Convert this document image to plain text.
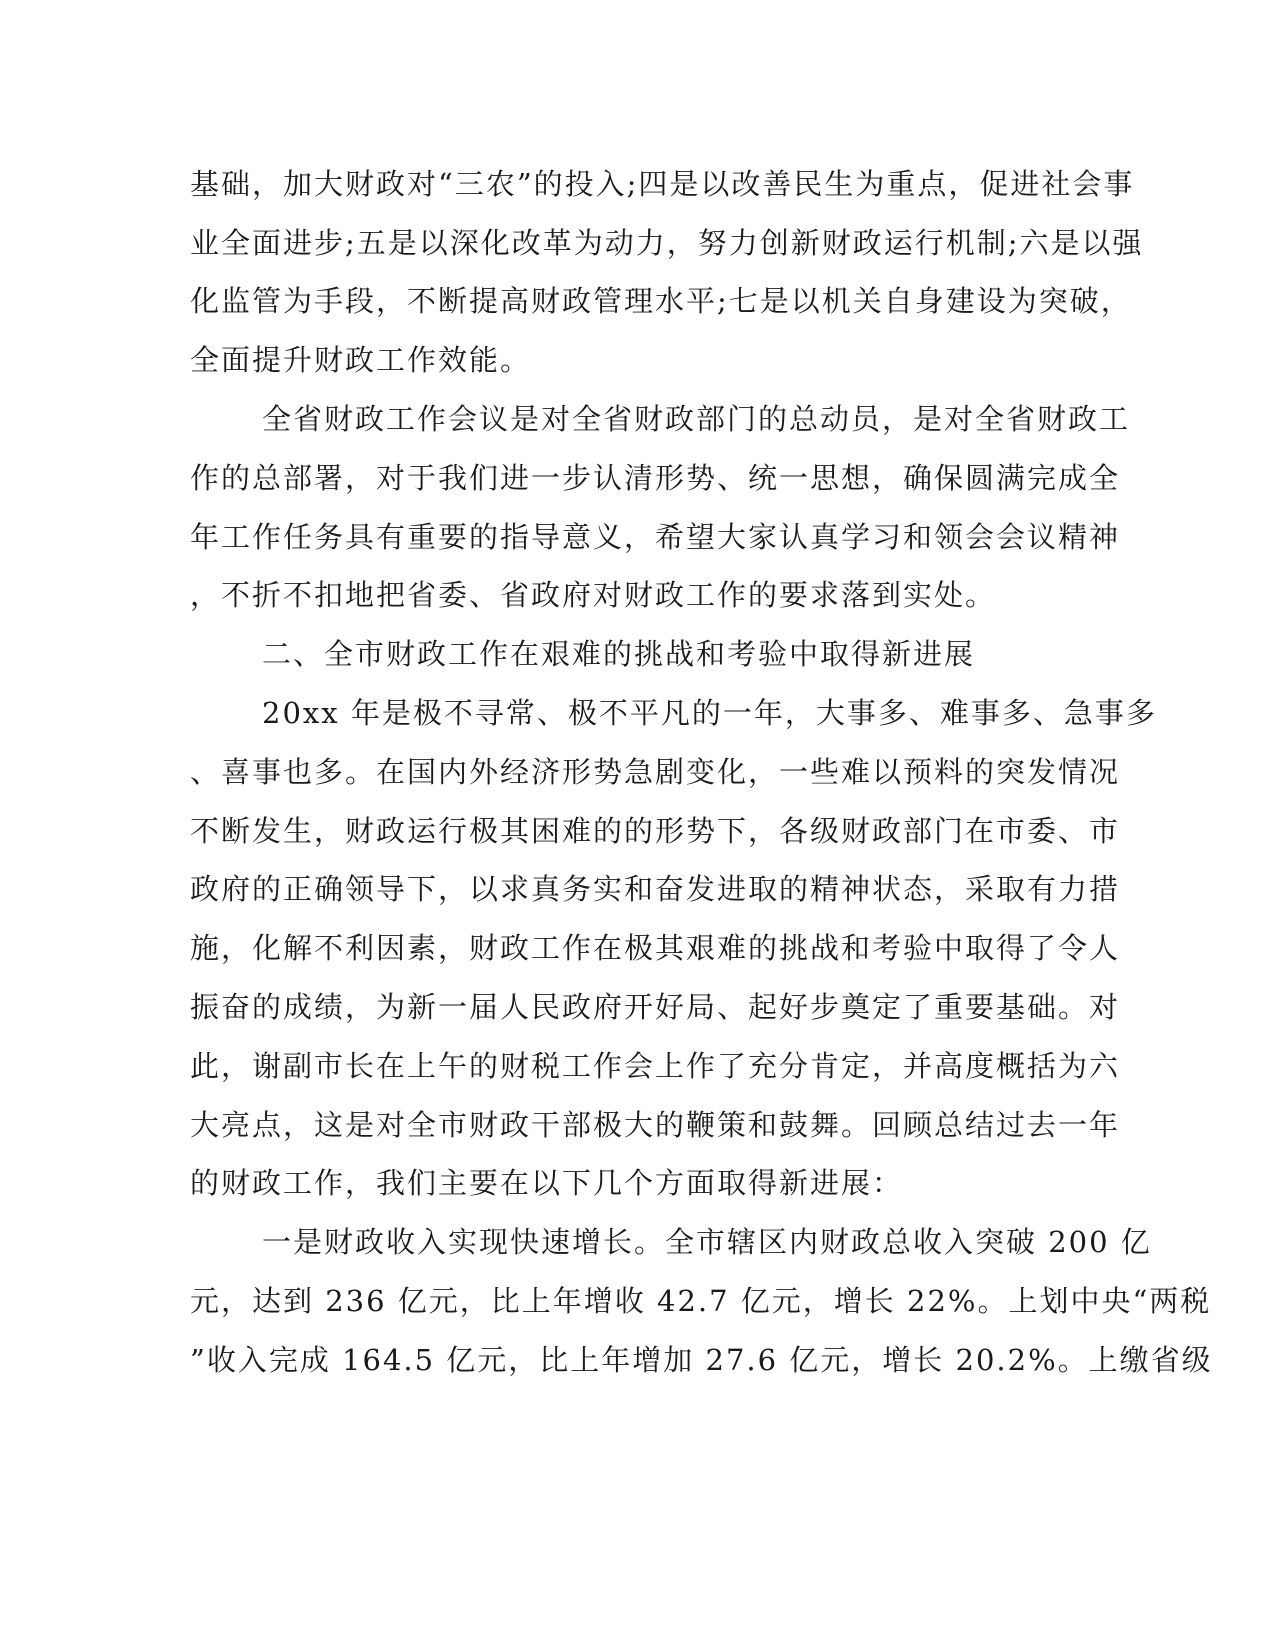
基础，加大财政对“三农”的投入;四是以改善民生为重点，促进社会事
业全面进步;五是以深化改革为动力，努力创新财政运行机制;六是以强
化监管为手段，不断提高财政管理水平;七是以机关自身建设为突破，
全面提升财政工作效能。
全省财政工作会议是对全省财政部门的总动员，是对全省财政工
作的总部署，对于我们进一步认清形势、统一思想，确保圆满完成全
年工作任务具有重要的指导意义，希望大家认真学习和领会会议精神
，不折不扣地把省委、省政府对财政工作的要求落到实处。
二、全市财政工作在艰难的挑战和考验中取得新进展
20xx 年是极不寻常、极不平凡的一年，大事多、难事多、急事多
、喜事也多。在国内外经济形势急剧变化，一些难以预料的突发情况
不断发生，财政运行极其困难的的形势下，各级财政部门在市委、市
政府的正确领导下，以求真务实和奋发进取的精神状态，采取有力措
施，化解不利因素，财政工作在极其艰难的挑战和考验中取得了令人
振奋的成绩，为新一届人民政府开好局、起好步奠定了重要基础。对
此，谢副市长在上午的财税工作会上作了充分肯定，并高度概括为六
大亮点，这是对全市财政干部极大的鞭策和鼓舞。回顾总结过去一年
的财政工作，我们主要在以下几个方面取得新进展：
一是财政收入实现快速增长。全市辖区内财政总收入突破 200 亿
元，达到 236 亿元，比上年增收 42.7 亿元，增长 22%。上划中央“两税
”收入完成 164.5 亿元，比上年增加 27.6 亿元，增长 20.2%。上缴省级
